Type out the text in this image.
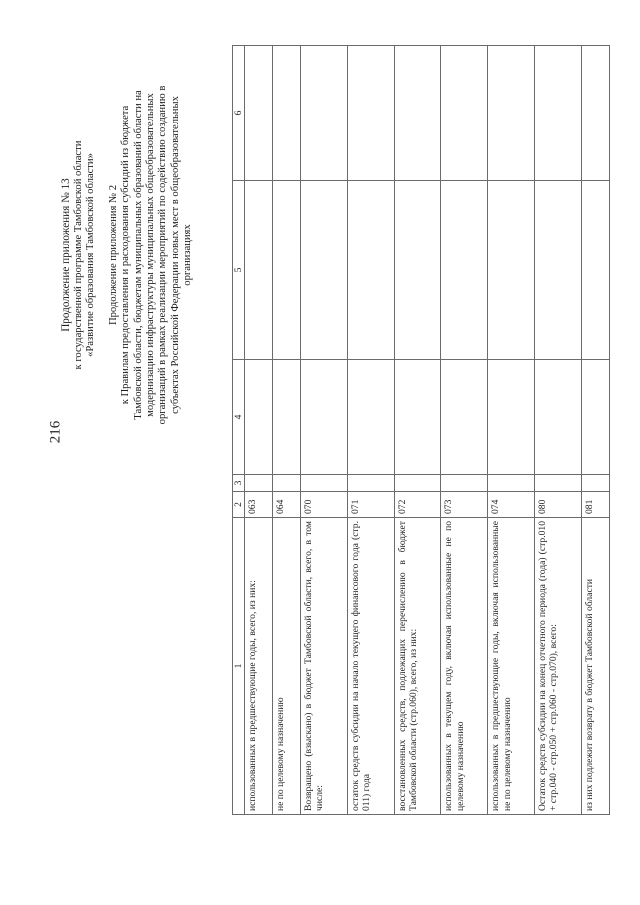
216
Продолжение приложения № 13 к государственной программе Тамбовской области «Развитие образования Тамбовской области» Продолжение приложения № 2 к Правилам предоставления и расходования субсидий из бюджета Тамбовской области, бюджетам муниципальных образований области на модернизацию инфраструктуры муниципальных общеобразовательных организаций в рамках реализации мероприятий по содействию созданию в субъектах Российской Федерации новых мест в общеобразовательных организациях
1	2	3	4	5	6
использованных в предшествующие годы, всего, из них:	063				
не по целевому назначению	064				
Возвращено (взыскано) в бюджет Тамбовской области, всего, в том числе:	070				
остаток средств субсидии на начало текущего финансового года (стр. 011) года	071				
восстановленных средств, подлежащих перечислению в бюджет Тамбовской области (стр.060), всего, из них:	072				
использованных в текущем году, включая использованные не по целевому назначению	073				
использованных в предшествующие годы, включая использованные не по целевому назначению	074				
Остаток средств субсидии на конец отчетного периода (года) (стр.010 + стр.040 - стр.050 + стр.060 - стр.070), всего:	080				
из них подлежит возврату в бюджет Тамбовской области	081				
